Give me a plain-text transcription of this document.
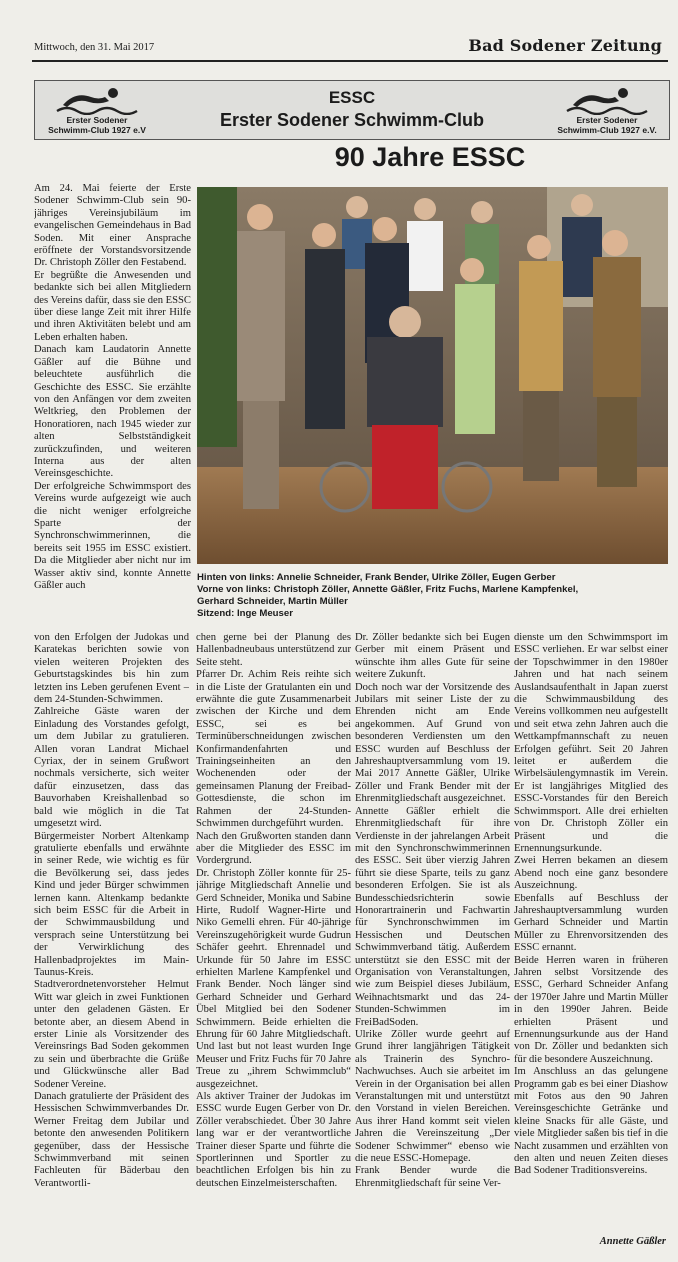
Mittwoch, den 31. Mai 2017	Bad Sodener Zeitung
Erster Sodener
Schwimm-Club 1927 e.V
ESSC
Erster Sodener Schwimm-Club	Erster Sodener
Schwimm-Club 1927 e.V.
90 Jahre ESSC

Am 24. Mai feierte der Erste Sodener Schwimm-Club sein 90-jähriges Vereinsjubiläum im evangelischen Gemeindehaus in Bad Soden. Mit einer Ansprache eröffnete der Vorstandsvorsitzende Dr. Christoph Zöller den Festabend.

Er begrüßte die Anwesenden und bedankte sich bei allen Mitgliedern des Vereins dafür, dass sie den ESSC über diese lange Zeit mit ihrer Hilfe und ihren Aktivitäten belebt und am Leben erhalten haben.

Danach kam Laudatorin Annette Gäßler auf die Bühne und beleuchtete ausführlich die Geschichte des ESSC. Sie erzählte von den Anfängen vor dem zweiten Weltkrieg, den Problemen der Honoratioren, nach 1945 wieder zur alten Selbstständigkeit zurückzufinden, und weiteren Interna aus der alten Vereinsgeschichte.

Der erfolgreiche Schwimmsport des Vereins wurde aufgezeigt wie auch die nicht weniger erfolgreiche Sparte der Synchronschwimmerinnen, die bereits seit 1955 im ESSC existiert. Da die Mitglieder aber nicht nur im Wasser aktiv sind, konnte Annette Gäßler auch

Hinten von links: Annelie Schneider, Frank Bender, Ulrike Zöller, Eugen Gerber
Vorne von links: Christoph Zöller, Annette Gäßler, Fritz Fuchs, Marlene Kampfenkel,
Gerhard Schneider, Martin Müller
Sitzend: Inge Meuser

von den Erfolgen der Judokas und Karatekas berichten sowie von vielen weiteren Projekten des Geburtstagskindes bis hin zum letzten ins Leben gerufenen Event – dem 24-Stunden-Schwimmen.

Zahlreiche Gäste waren der Einladung des Vorstandes gefolgt, um dem Jubilar zu gratulieren. Allen voran Landrat Michael Cyriax, der in seinem Grußwort nochmals versicherte, sich weiter dafür einzusetzen, dass das Bauvorhaben Kreishallenbad so bald wie möglich in die Tat umgesetzt wird.

Bürgermeister Norbert Altenkamp gratulierte ebenfalls und erwähnte in seiner Rede, wie wichtig es für die Bevölkerung sei, dass jedes Kind und jeder Bürger schwimmen lernen kann. Altenkamp bedankte sich beim ESSC für die Arbeit in der Schwimmausbildung und versprach seine Unterstützung bei der Verwirklichung des Hallenbadprojektes im Main-Taunus-Kreis.

Stadtverordnetenvorsteher Helmut Witt war gleich in zwei Funktionen unter den geladenen Gästen. Er betonte aber, an diesem Abend in erster Linie als Vorsitzender des Vereinsrings Bad Soden gekommen zu sein und überbrachte die Grüße und Glückwünsche aller Bad Sodener Vereine.

Danach gratulierte der Präsident des Hessischen Schwimmverbandes Dr. Werner Freitag dem Jubilar und betonte den anwesenden Politikern gegenüber, dass der Hessische Schwimmverband mit seinen Fachleuten für Bäderbau den Verantwortli-

chen gerne bei der Planung des Hallenbadneubaus unterstützend zur Seite steht.

Pfarrer Dr. Achim Reis reihte sich in die Liste der Gratulanten ein und erwähnte die gute Zusammenarbeit zwischen der Kirche und dem ESSC, sei es bei Terminüberschneidungen zwischen Konfirmandenfahrten und Trainingseinheiten an den Wochenenden oder der gemeinsamen Planung der Freibad-Gottesdienste, die schon im Rahmen der 24-Stunden-Schwimmen durchgeführt wurden.

Nach den Grußworten standen dann aber die Mitglieder des ESSC im Vordergrund.

Dr. Christoph Zöller konnte für 25-jährige Mitgliedschaft Annelie und Gerd Schneider, Monika und Sabine Hirte, Rudolf Wagner-Hirte und Niko Gemelli ehren. Für 40-jährige Vereinszugehörigkeit wurde Gudrun Schäfer geehrt. Ehrennadel und Urkunde für 50 Jahre im ESSC erhielten Marlene Kampfenkel und Frank Bender. Noch länger sind Gerhard Schneider und Gerhard Übel Mitglied bei den Sodener Schwimmern. Beide erhielten die Ehrung für 60 Jahre Mitgliedschaft. Und last but not least wurden Inge Meuser und Fritz Fuchs für 70 Jahre Treue zu „ihrem Schwimmclub“ ausgezeichnet.

Als aktiver Trainer der Judokas im ESSC wurde Eugen Gerber von Dr. Zöller verabschiedet. Über 30 Jahre lang war er der verantwortliche Trainer dieser Sparte und führte die Sportlerinnen und Sportler zu beachtlichen Erfolgen bis hin zu deutschen Einzelmeisterschaften.

Dr. Zöller bedankte sich bei Eugen Gerber mit einem Präsent und wünschte ihm alles Gute für seine weitere Zukunft.

Doch noch war der Vorsitzende des Jubilars mit seiner Liste der zu Ehrenden nicht am Ende angekommen. Auf Grund von besonderen Verdiensten um den ESSC wurden auf Beschluss der Jahreshauptversammlung vom 19. Mai 2017 Annette Gäßler, Ulrike Zöller und Frank Bender mit der Ehrenmitgliedschaft ausgezeichnet.

Annette Gäßler erhielt die Ehrenmitgliedschaft für ihre Verdienste in der jahrelangen Arbeit mit den Synchronschwimmerinnen des ESSC. Seit über vierzig Jahren führt sie diese Sparte, teils zu ganz besonderen Erfolgen. Sie ist als Bundesschiedsrichterin sowie Honorartrainerin und Fachwartin für Synchronschwimmen im Hessischen und Deutschen Schwimmverband tätig. Außerdem unterstützt sie den ESSC mit der Organisation von Veranstaltungen, wie zum Beispiel dieses Jubiläum, Weihnachtsmarkt und das 24-Stunden-Schwimmen im FreiBadSoden.

Ulrike Zöller wurde geehrt auf Grund ihrer langjährigen Tätigkeit als Trainerin des Synchro-Nachwuchses. Auch sie arbeitet im Verein in der Organisation bei allen Veranstaltungen mit und unterstützt den Vorstand in vielen Bereichen. Aus ihrer Hand kommt seit vielen Jahren die Vereinszeitung „Der Sodener Schwimmer“ ebenso wie die neue ESSC-Homepage.

Frank Bender wurde die Ehrenmitgliedschaft für seine Ver-

dienste um den Schwimmsport im ESSC verliehen. Er war selbst einer der Topschwimmer in den 1980er Jahren und hat nach seinem Auslandsaufenthalt in Japan zuerst die Schwimmausbildung des Vereins vollkommen neu aufgestellt und seit etwa zehn Jahren auch die Wettkampfmannschaft zu neuen Erfolgen geführt. Seit 20 Jahren leitet er außerdem die Wirbelsäulengymnastik im Verein. Er ist langjähriges Mitglied des ESSC-Vorstandes für den Bereich Schwimmsport. Alle drei erhielten von Dr. Christoph Zöller ein Präsent und die Ernennungsurkunde.

Zwei Herren bekamen an diesem Abend noch eine ganz besondere Auszeichnung.

Ebenfalls auf Beschluss der Jahreshauptversammlung wurden Gerhard Schneider und Martin Müller zu Ehrenvorsitzenden des ESSC ernannt.

Beide Herren waren in früheren Jahren selbst Vorsitzende des ESSC, Gerhard Schneider Anfang der 1970er Jahre und Martin Müller in den 1990er Jahren. Beide erhielten Präsent und Ernennungsurkunde aus der Hand von Dr. Zöller und bedankten sich für die besondere Auszeichnung.

Im Anschluss an das gelungene Programm gab es bei einer Diashow mit Fotos aus den 90 Jahren Vereinsgeschichte Getränke und kleine Snacks für alle Gäste, und viele Mitglieder saßen bis tief in die Nacht zusammen und erzählten von den alten und neuen Zeiten dieses Bad Sodener Traditionsvereins.

Annette Gäßler
